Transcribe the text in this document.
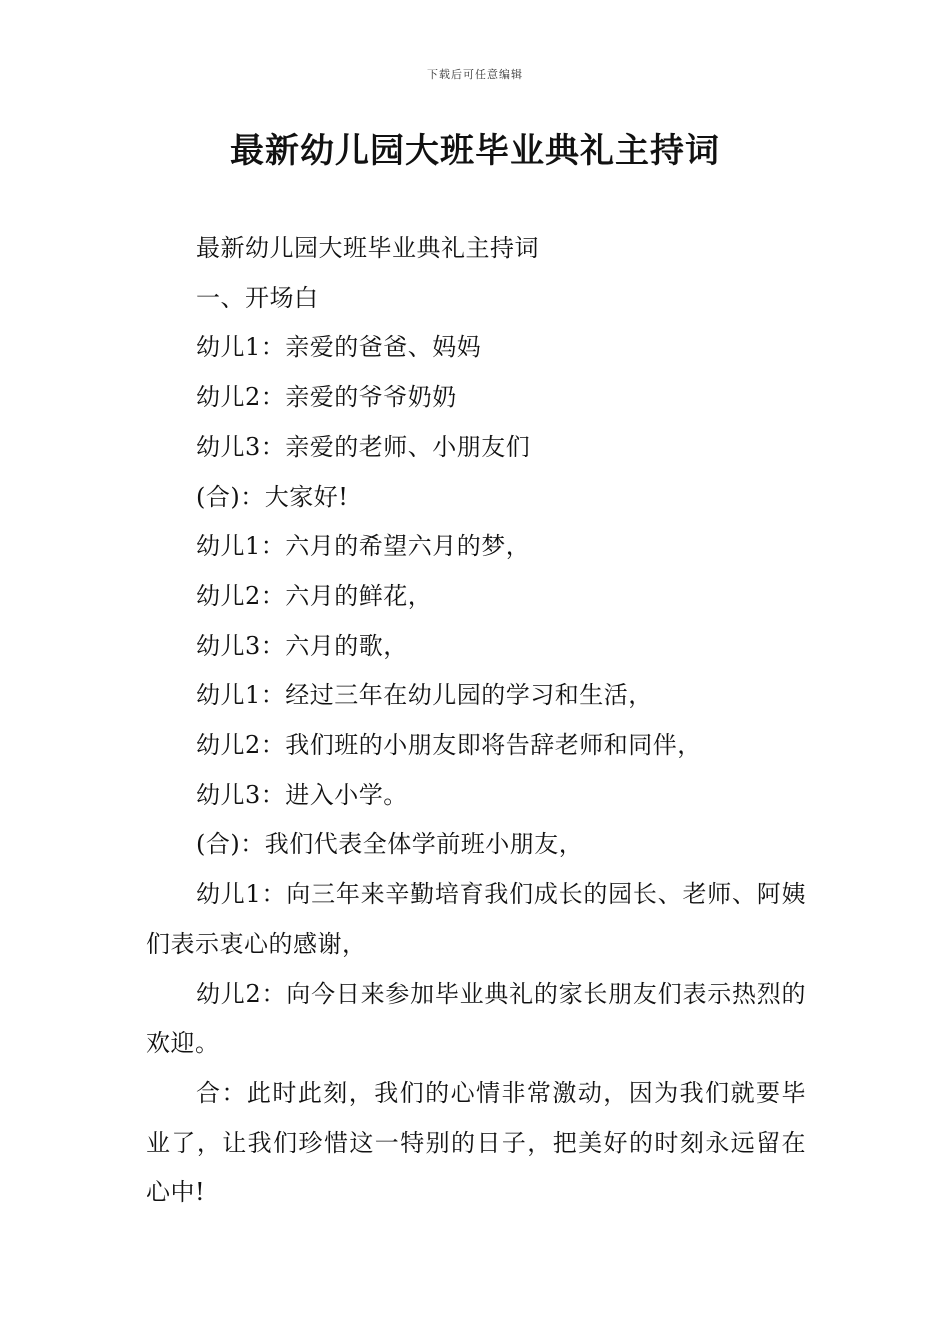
下载后可任意编辑
最新幼儿园大班毕业典礼主持词

最新幼儿园大班毕业典礼主持词

一、开场白

幼儿1：亲爱的爸爸、妈妈

幼儿2：亲爱的爷爷奶奶

幼儿3：亲爱的老师、小朋友们

(合)：大家好!

幼儿1：六月的希望六月的梦，

幼儿2：六月的鲜花，

幼儿3：六月的歌，

幼儿1：经过三年在幼儿园的学习和生活，

幼儿2：我们班的小朋友即将告辞老师和同伴，

幼儿3：进入小学。

(合)：我们代表全体学前班小朋友，

幼儿1：向三年来辛勤培育我们成长的园长、老师、阿姨们表示衷心的感谢，

幼儿2：向今日来参加毕业典礼的家长朋友们表示热烈的欢迎。

合：此时此刻，我们的心情非常激动，因为我们就要毕业了，让我们珍惜这一特别的日子，把美好的时刻永远留在心中!
